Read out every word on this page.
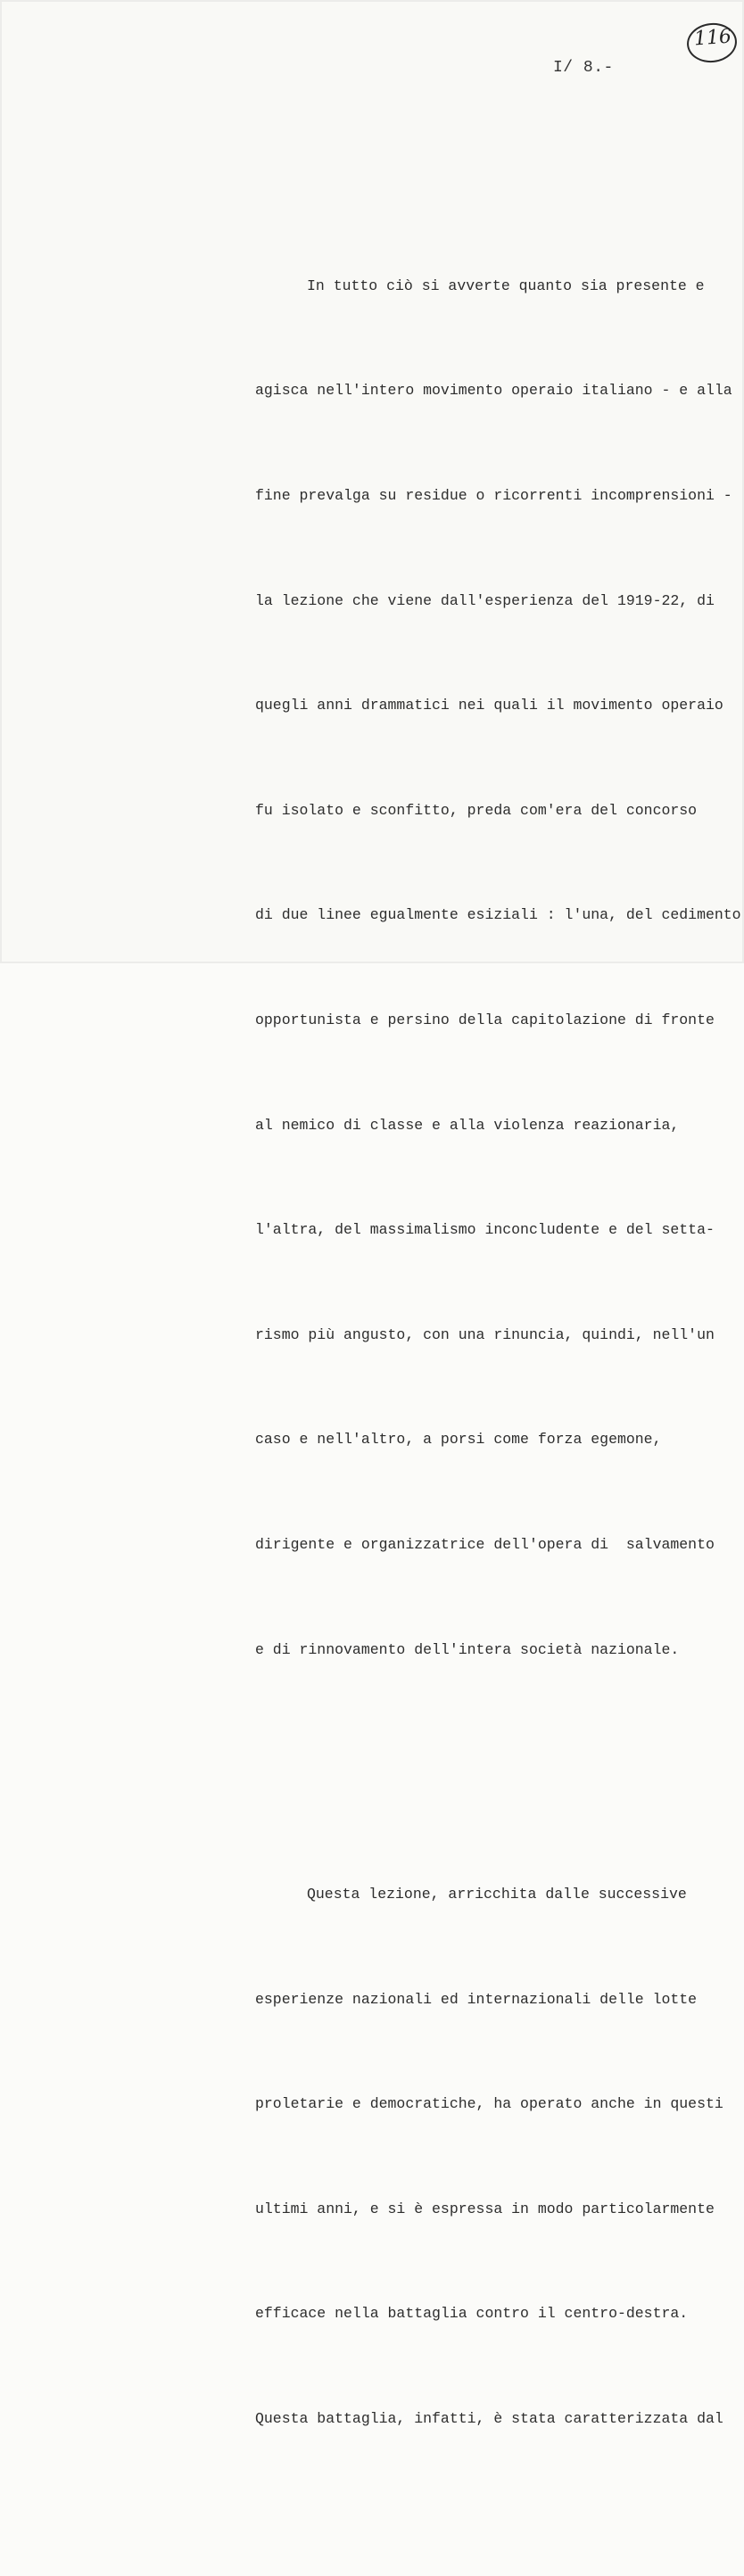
116
I/ 8.-

In tutto ciò si avverte quanto sia presente e

agisca nell'intero movimento operaio italiano - e alla

fine prevalga su residue o ricorrenti incomprensioni -

la lezione che viene dall'esperienza del 1919-22, di

quegli anni drammatici nei quali il movimento operaio

fu isolato e sconfitto, preda com'era del concorso

di due linee egualmente esiziali : l'una, del cedimento

opportunista e persino della capitolazione di fronte

al nemico di classe e alla violenza reazionaria,

l'altra, del massimalismo inconcludente e del setta-

rismo più angusto, con una rinuncia, quindi, nell'un

caso e nell'altro, a porsi come forza egemone,

dirigente e organizzatrice dell'opera di  salvamento

e di rinnovamento dell'intera società nazionale.

Questa lezione, arricchita dalle successive

esperienze nazionali ed internazionali delle lotte

proletarie e democratiche, ha operato anche in questi

ultimi anni, e si è espressa in modo particolarmente

efficace nella battaglia contro il centro-destra.

Questa battaglia, infatti, è stata caratterizzata dal
